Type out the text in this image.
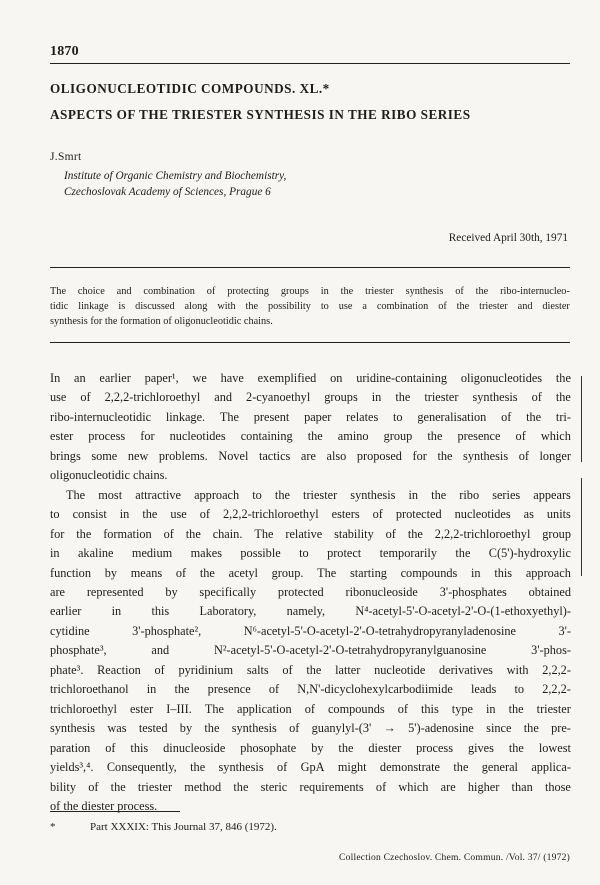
1870
OLIGONUCLEOTIDIC COMPOUNDS. XL.*
ASPECTS OF THE TRIESTER SYNTHESIS IN THE RIBO SERIES
J.Smrt
Institute of Organic Chemistry and Biochemistry,
Czechoslovak Academy of Sciences, Prague 6
Received April 30th, 1971
The choice and combination of protecting groups in the triester synthesis of the ribo-internucleo-
tidic linkage is discussed along with the possibility to use a combination of the triester and diester
synthesis for the formation of oligonucleotidic chains.
In an earlier paper¹, we have exemplified on uridine-containing oligonucleotides the
use of 2,2,2-trichloroethyl and 2-cyanoethyl groups in the triester synthesis of the
ribo-internucleotidic linkage. The present paper relates to generalisation of the tri-
ester process for nucleotides containing the amino group the presence of which
brings some new problems. Novel tactics are also proposed for the synthesis of longer
oligonucleotidic chains.
The most attractive approach to the triester synthesis in the ribo series appears
to consist in the use of 2,2,2-trichloroethyl esters of protected nucleotides as units
for the formation of the chain. The relative stability of the 2,2,2-trichloroethyl group
in akaline medium makes possible to protect temporarily the C(5')-hydroxylic
function by means of the acetyl group. The starting compounds in this approach
are represented by specifically protected ribonucleoside 3'-phosphates obtained
earlier in this Laboratory, namely, N⁴-acetyl-5'-O-acetyl-2'-O-(1-ethoxyethyl)-
cytidine	3'-phosphate²,	N⁶-acetyl-5'-O-acetyl-2'-O-tetrahydropyranyladenosine	3'-
phosphate³,	and	N²-acetyl-5'-O-acetyl-2'-O-tetrahydropyranylguanosine	3'-phos-
phate³. Reaction of pyridinium salts of the latter nucleotide derivatives with 2,2,2-
trichloroethanol in the presence of N,N'-dicyclohexylcarbodiimide leads to 2,2,2-
trichloroethyl ester I–III. The application of compounds of this type in the triester
synthesis was tested by the synthesis of guanylyl-(3' → 5')-adenosine since the pre-
paration of this dinucleoside phosophate by the diester process gives the lowest
yields³,⁴. Consequently, the synthesis of GpA might demonstrate the general applica-
bility of the triester method the steric requirements of which are higher than those
of the diester process.
*	Part XXXIX: This Journal 37, 846 (1972).
Collection Czechoslov. Chem. Commun. /Vol. 37/ (1972)
